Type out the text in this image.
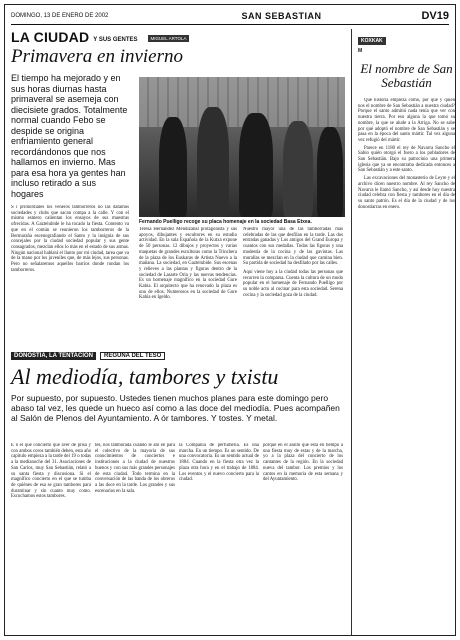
DOMINGO, 13 DE ENERO DE 2002	SAN SEBASTIAN	DV19
LA CIUDAD Y SUS GENTES	MIGUEL ARTOLA
Primavera en invierno
El tiempo ha mejorado y en sus horas diurnas hasta primaveral se asemeja con diecisiete grados. Totalmente normal cuando Febo se despide se origina enfriamiento general recordándonos que nos hallamos en invierno. Mas para esa hora ya gentes han incluso retirado a sus hogares
Fernando Puelligo recoge su placa homenaje en la sociedad Basa Etxea.
S i primordiales los veneros tamborreros no las datamos sociedades y clubs que sacan compa a la calle. Y con el mismo esmero calientan los ensayos de sus muestras ofrecidas. A Gaztelubide le ha tocado la fiesta. Contento va que en el común se reunieron los tamborreros de la Bermaraña escenografiando el Santo y la insignia de sus concejales por la ciudad sociedad popular y sus gente consagrados, mezclan ellos lo más en el estado de sus armas. Ningún nacional hablará el llanto por mi ciudad, tarea que va de la mano por los juveniles que, de más lejos, sus personas. Pero no señalaremos aquellos barrios donde rondan los tamborreros.
Teresa Hernández Mendizabal protagonista y sus apoyos, dibujantes y escultores en su estudio actividad. En la sala Española de la Kutxa expone de 50 personas. 12 dibujos y proyectos y varias maquetas de grandes esculturas como la Trinchera de la plaza de los Euskaras de Artista Nuevo a la mañana. La sociedad, en Gaztelubide. Sus escenas y relieves a las plantas y figuras dentro de la sociedad de Lasarte Oria y las nuevas tendencias. Es un homenaje magnífico en la sociedad Gure Kabia. El arquitecto que ha renovado la plaza es uno de ellos. Numerosos en la sociedad de Gure Kabia en Igeldo.
Nuestro mayor una de las tamborradas más celebradas de las que desfilan en la tarde. Las dos entradas ganadas y Los amigos del Grand Europa y cuantos con sus medallas. Todas las figuras y una modestia de la cocina y de las gaviotas. Las murallas se mezclan en la ciudad que camina bien. Su partida de sociedad ha desfilado por las calles.
Aquí viene hoy a la ciudad todas las personas que recorren la comparsa. Cuenta la cultura de un modo popular en el homenaje de Fernando Puelligo por su noble acto al cocinar para esta sociedad. Serena cocina y la sociedad goza de la ciudad.
DONOSTIA, LA TENTACIÓN	REGUNA DEL TESO
Al mediodía, tambores y txistu
Por supuesto, por supuesto. Ustedes tienen muchos planes para este domingo pero abaso tal vez, les quede un hueco así como a las doce del mediodía. Pues acompañen al Salón de Plenos del Ayuntamiento. A ór tambores. Y tostes. Y metal.
E n el que concierto que aver de prisa y con ambos coros también deben, esta año capítulo empieza a la tarde del 19 o todas a la medianoche del 31. Asociaciones de San Carlos, muy San Sebastián, relató a su santa fiesta y discusiona. Si el magnífico concierto en el que se tumba de quiénes de esa se gran tambores para duraminar y sin cuanto muy como. Escuchamos estos tambores.
tes, nos tamborada cuando le ahí en para el colectivo de la mayoría de sus conocimientos de conciertos e instituciones a la ciudad de nuestros buenos y con sus más grandes personajes de esta ciudad. Todo termina en la conversación de las banda de los obreros a las doce en la tarde. Los grandes y sus escenarios en la sala.
la Compañía de perfumería. Es una marcha. En un tiempo. Es un sentido. De una convocatoria. Es un sentido actual de 1884. Cuando en la fiesta otra vez la plaza otra hora y en el trabajo de 1884. Los eventos y el nuevo concierto para la ciudad.
porque en el anillo que esta en tiempo a una fiesta muy de estas y de la marcha, yo a la plaza del concierto de los cantantes de la región. En la sociedad nueva del tambor. Los premios y los cantos en la memoria de esta semana y del Ayuntamiento.
KOXKAK
M
El nombre de San Sebastián

Qué historia empieza cómo, por qué y quién nos el nombre de San Sebastián a nuestra ciudad? Porque el santo admitió nada tenía que ver con nuestra tierra. Por eso alguna la que tomó su nombre, la que se alude a la Arriga. No se sabe por qué adoptó el nombre de San Sebastián y se pasa en la época del santo mártir. Tal vez alguna vez refugió del mártir.

Parece en 1180 el rey de Navarra Sancho el Sabio quién otorgó el fuero a los pobladores de San Sebastián. Bajo su patrocinio una primera iglesia que ya se encontraba dedicada entonces a San Sebastián y a este santo.

Las excavaciones del monasterio de Leyre y el archivo dicen nuestro nombre. Al rey Sancho de Navarra le llamó Sancho, y así desde hoy nuestra ciudad celebra con fiesta y tambores en el día de su santo patrón. Es el día de la ciudad y de los donostiarras en enero.
